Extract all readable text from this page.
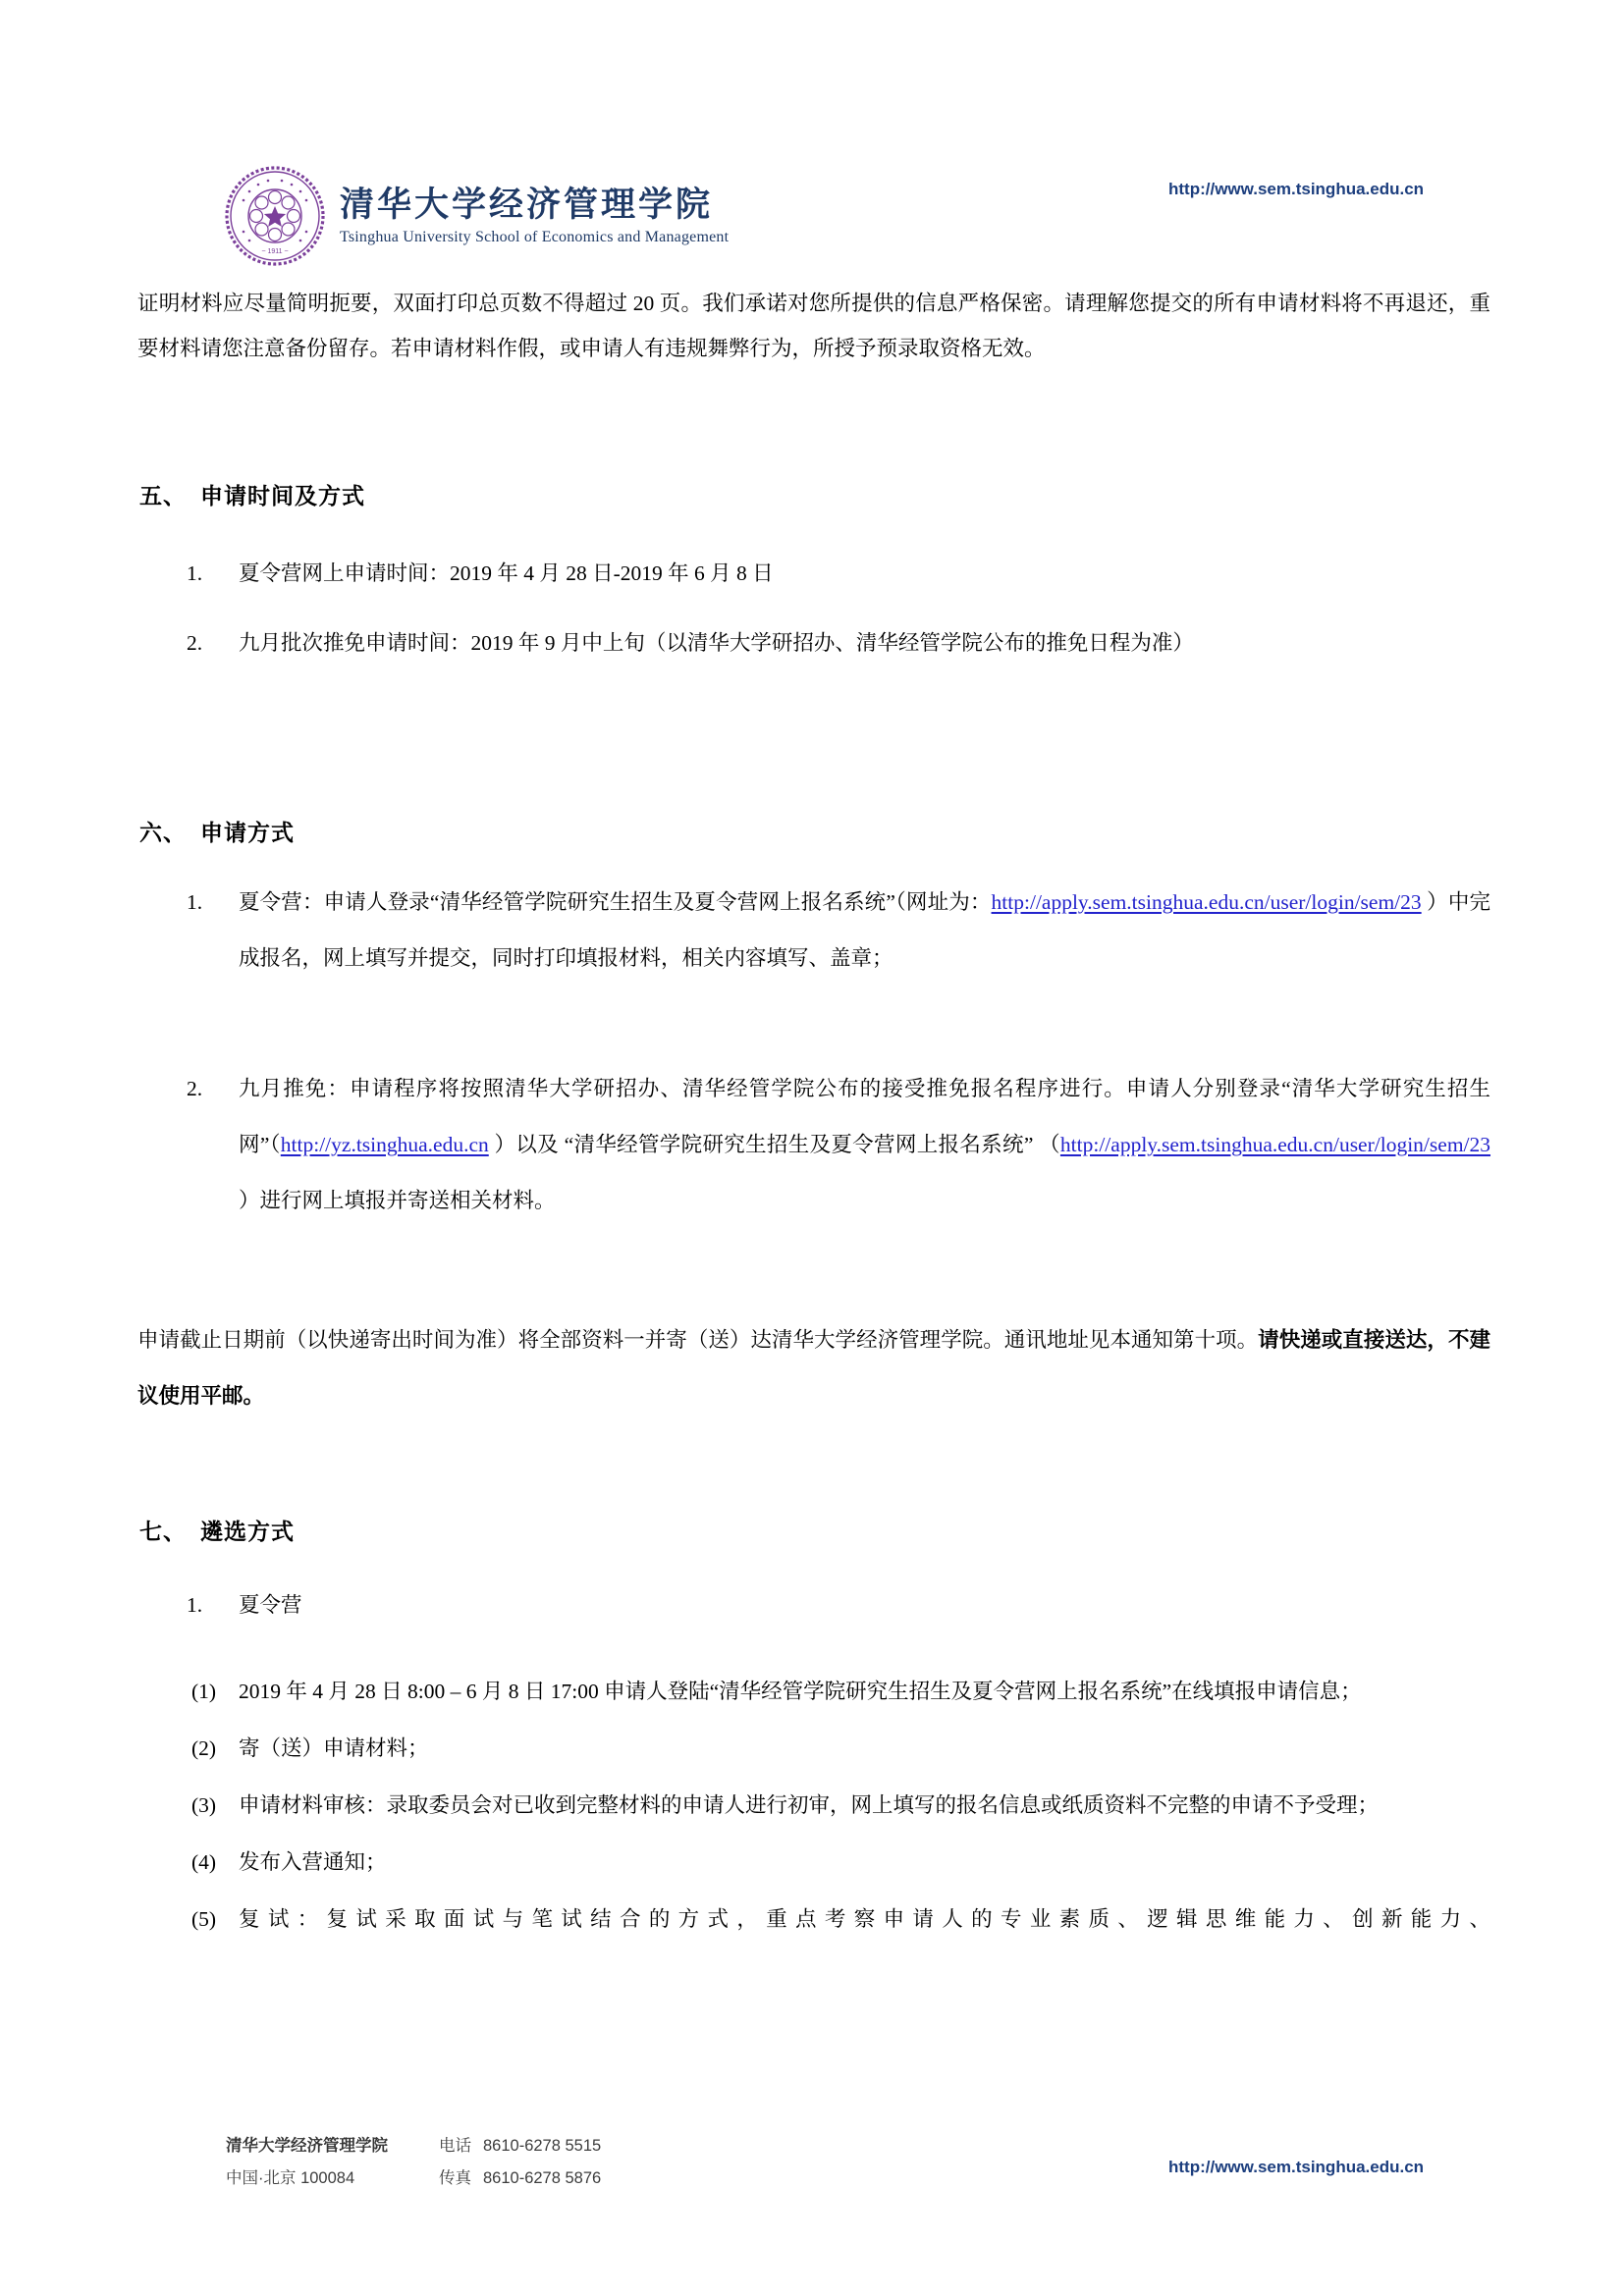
~ 1911 ~
清华大学经济管理学院
Tsinghua University School of Economics and Management
http://www.sem.tsinghua.edu.cn
证明材料应尽量简明扼要，双面打印总页数不得超过 20 页。我们承诺对您所提供的信息严格保密。请理解您提交的所有申请材料将不再退还，重要材料请您注意备份留存。若申请材料作假，或申请人有违规舞弊行为，所授予预录取资格无效。
五、 申请时间及方式
1.	夏令营网上申请时间：2019 年 4 月 28 日-2019 年 6 月 8 日
2.	九月批次推免申请时间：2019 年 9 月中上旬（以清华大学研招办、清华经管学院公布的推免日程为准）
六、 申请方式
1.	夏令营：申请人登录“清华经管学院研究生招生及夏令营网上报名系统”（网址为：http://apply.sem.tsinghua.edu.cn/user/login/sem/23 ）中完成报名，网上填写并提交，同时打印填报材料，相关内容填写、盖章；
2.	九月推免：申请程序将按照清华大学研招办、清华经管学院公布的接受推免报名程序进行。申请人分别登录“清华大学研究生招生网”（http://yz.tsinghua.edu.cn ）以及 “清华经管学院研究生招生及夏令营网上报名系统” （http://apply.sem.tsinghua.edu.cn/user/login/sem/23 ）进行网上填报并寄送相关材料。
申请截止日期前（以快递寄出时间为准）将全部资料一并寄（送）达清华大学经济管理学院。通讯地址见本通知第十项。请快递或直接送达，不建议使用平邮。
七、 遴选方式
1.	夏令营
(1)	2019 年 4 月 28 日 8:00 – 6 月 8 日 17:00 申请人登陆“清华经管学院研究生招生及夏令营网上报名系统”在线填报申请信息；
(2)	寄（送）申请材料；
(3)	申请材料审核：录取委员会对已收到完整材料的申请人进行初审，网上填写的报名信息或纸质资料不完整的申请不予受理；
(4)	发布入营通知；
(5)	复试：复试采取面试与笔试结合的方式，重点考察申请人的专业素质、逻辑思维能力、创新能力、
清华大学经济管理学院
中国·北京 100084
电话 8610-6278 5515
传真 8610-6278 5876
http://www.sem.tsinghua.edu.cn
